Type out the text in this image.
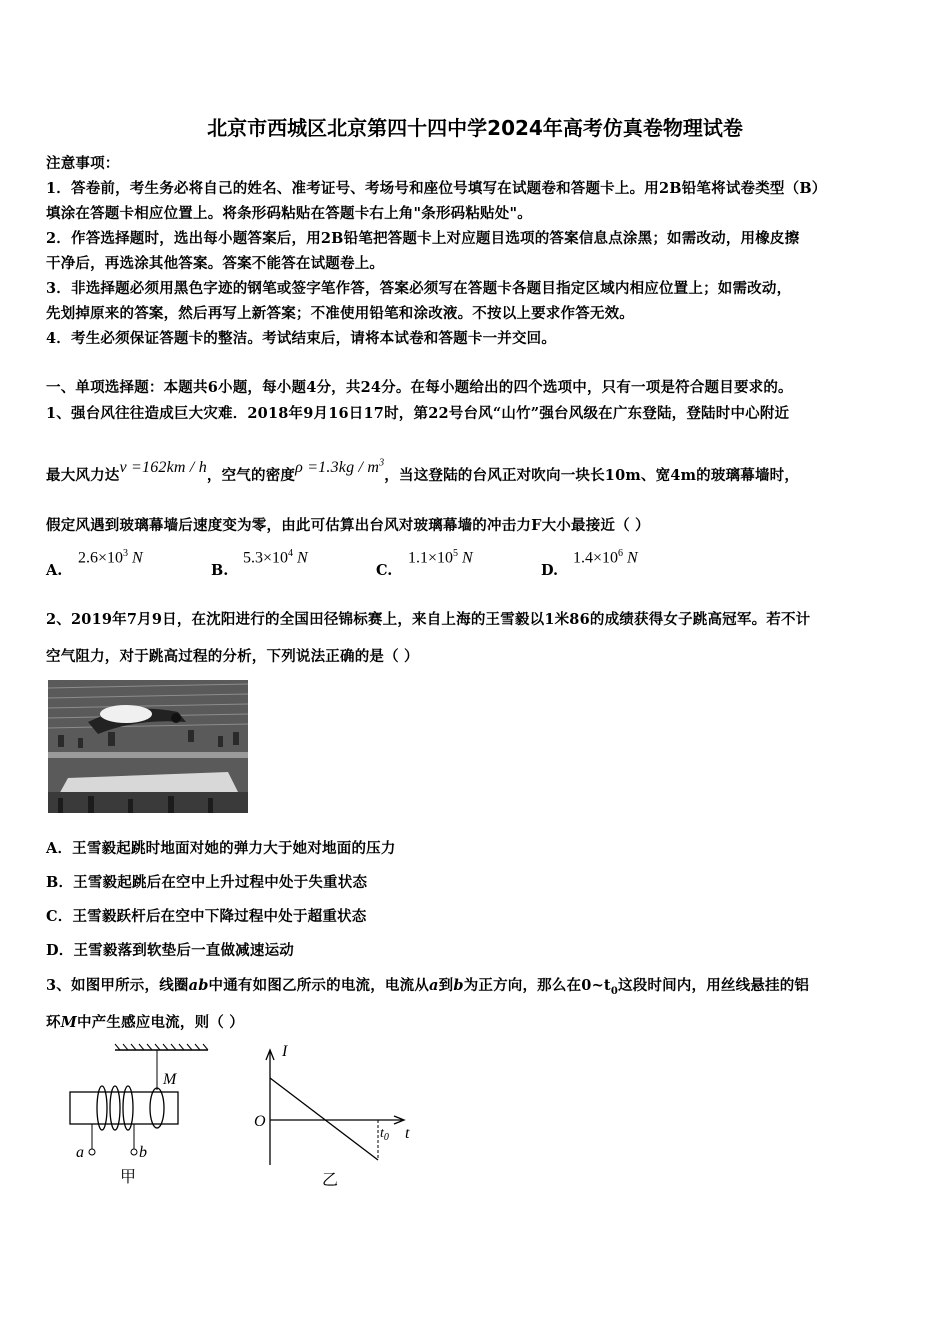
北京市西城区北京第四十四中学2024年高考仿真卷物理试卷
注意事项：
1．答卷前，考生务必将自己的姓名、准考证号、考场号和座位号填写在试题卷和答题卡上。用2B铅笔将试卷类型（B）
填涂在答题卡相应位置上。将条形码粘贴在答题卡右上角"条形码粘贴处"。
2．作答选择题时，选出每小题答案后，用2B铅笔把答题卡上对应题目选项的答案信息点涂黑；如需改动，用橡皮擦
干净后，再选涂其他答案。答案不能答在试题卷上。
3．非选择题必须用黑色字迹的钢笔或签字笔作答，答案必须写在答题卡各题目指定区域内相应位置上；如需改动，
先划掉原来的答案，然后再写上新答案；不准使用铅笔和涂改液。不按以上要求作答无效。
4．考生必须保证答题卡的整洁。考试结束后，请将本试卷和答题卡一并交回。
一、单项选择题：本题共6小题，每小题4分，共24分。在每小题给出的四个选项中，只有一项是符合题目要求的。
1、强台风往往造成巨大灾难．2018年9月16日17时，第22号台风“山竹”强台风级在广东登陆，登陆时中心附近
最大风力达v =162km / h，空气的密度$\rho =1.3kg / m^3$，当这登陆的台风正对吹向一块长10m、宽4m的玻璃幕墙时，
假定风遇到玻璃幕墙后速度变为零，由此可估算出台风对玻璃幕墙的冲击力F大小最接近（ ）
A.
$2.6\times 10^3$ N
B.
$5.3\times 10^4$ N
C.
$1.1\times 10^5$ N
D.
$1.4\times 10^6$ N
2、2019年7月9日，在沈阳进行的全国田径锦标赛上，来自上海的王雪毅以1米86的成绩获得女子跳高冠军。若不计
空气阻力，对于跳高过程的分析，下列说法正确的是（ ）
A．王雪毅起跳时地面对她的弹力大于她对地面的压力
B．王雪毅起跳后在空中上升过程中处于失重状态
C．王雪毅跃杆后在空中下降过程中处于超重状态
D．王雪毅落到软垫后一直做减速运动
3、如图甲所示，线圈ab中通有如图乙所示的电流，电流从a到b为正方向，那么在$0\sim t_0$这段时间内，用丝线悬挂的铝
环M中产生感应电流，则（ ）
M
a	b
甲
I
O
$t_0$ t
乙
